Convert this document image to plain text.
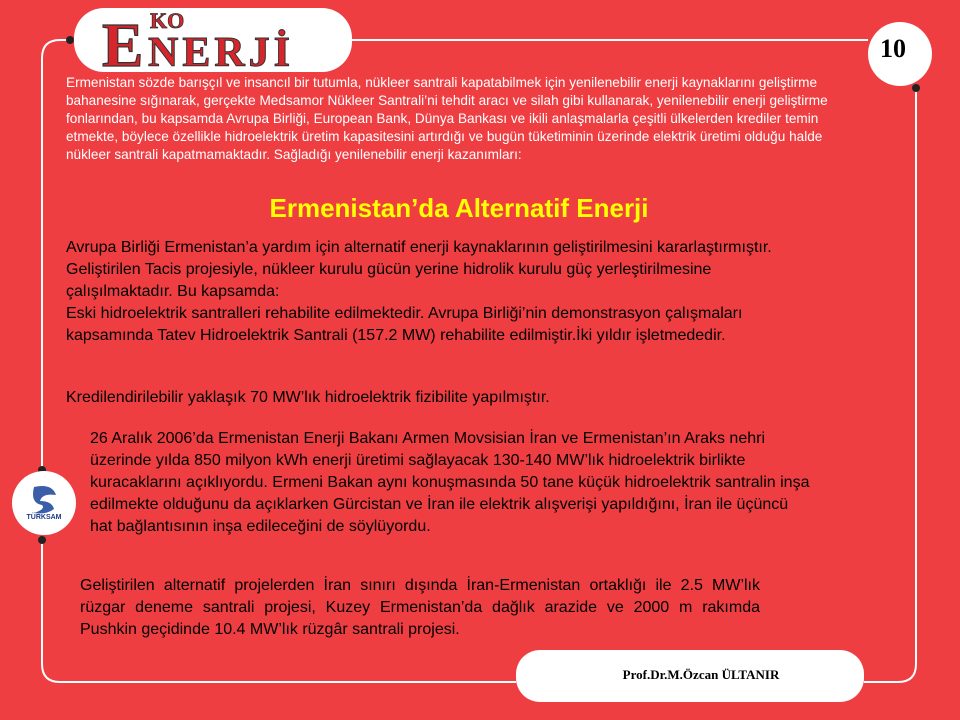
E KO
NERJİ	10

Ermenistan sözde barışçıl ve insancıl bir tutumla, nükleer santrali kapatabilmek için yenilenebilir enerji kaynaklarını geliştirme bahanesine sığınarak, gerçekte Medsamor Nükleer Santrali’ni tehdit aracı ve silah gibi kullanarak, yenilenebilir enerji geliştirme fonlarından, bu kapsamda Avrupa Birliği, European Bank, Dünya Bankası ve ikili anlaşmalarla çeşitli ülkelerden krediler temin etmekte, böylece özellikle hidroelektrik üretim kapasitesini artırdığı ve bugün tüketiminin üzerinde elektrik üretimi olduğu halde nükleer santrali kapatmamaktadır. Sağladığı yenilenebilir enerji kazanımları:

Ermenistan’da Alternatif Enerji
Avrupa Birliği Ermenistan’a yardım için alternatif enerji kaynaklarının geliştirilmesini kararlaştırmıştır. Geliştirilen Tacis projesiyle, nükleer kurulu gücün yerine hidrolik kurulu güç yerleştirilmesine çalışılmaktadır. Bu kapsamda:
Eski hidroelektrik santralleri rehabilite edilmektedir. Avrupa Birliği’nin demonstrasyon çalışmaları kapsamında Tatev Hidroelektrik Santrali (157.2 MW) rehabilite edilmiştir.İki yıldır işletmededir.

Kredilendirilebilir yaklaşık 70 MW’lık hidroelektrik fizibilite yapılmıştır.

26 Aralık 2006’da Ermenistan Enerji Bakanı Armen Movsisian İran ve Ermenistan’ın Araks nehri üzerinde yılda 850 milyon kWh enerji üretimi sağlayacak 130-140 MW’lık hidroelektrik birlikte kuracaklarını açıklıyordu. Ermeni Bakan aynı konuşmasında 50 tane küçük hidroelektrik santralin inşa edilmekte olduğunu da açıklarken Gürcistan ve İran ile elektrik alışverişi yapıldığını, İran ile üçüncü hat bağlantısının inşa edileceğini de söylüyordu.

Geliştirilen alternatif projelerden İran sınırı dışında İran-Ermenistan ortaklığı ile 2.5 MW’lık rüzgar deneme santrali projesi, Kuzey Ermenistan’da dağlık arazide ve 2000 m rakımda Pushkin geçidinde 10.4 MW’lık rüzgâr santrali projesi.

TÜRKSAM
Prof.Dr.M.Özcan ÜLTANIR
